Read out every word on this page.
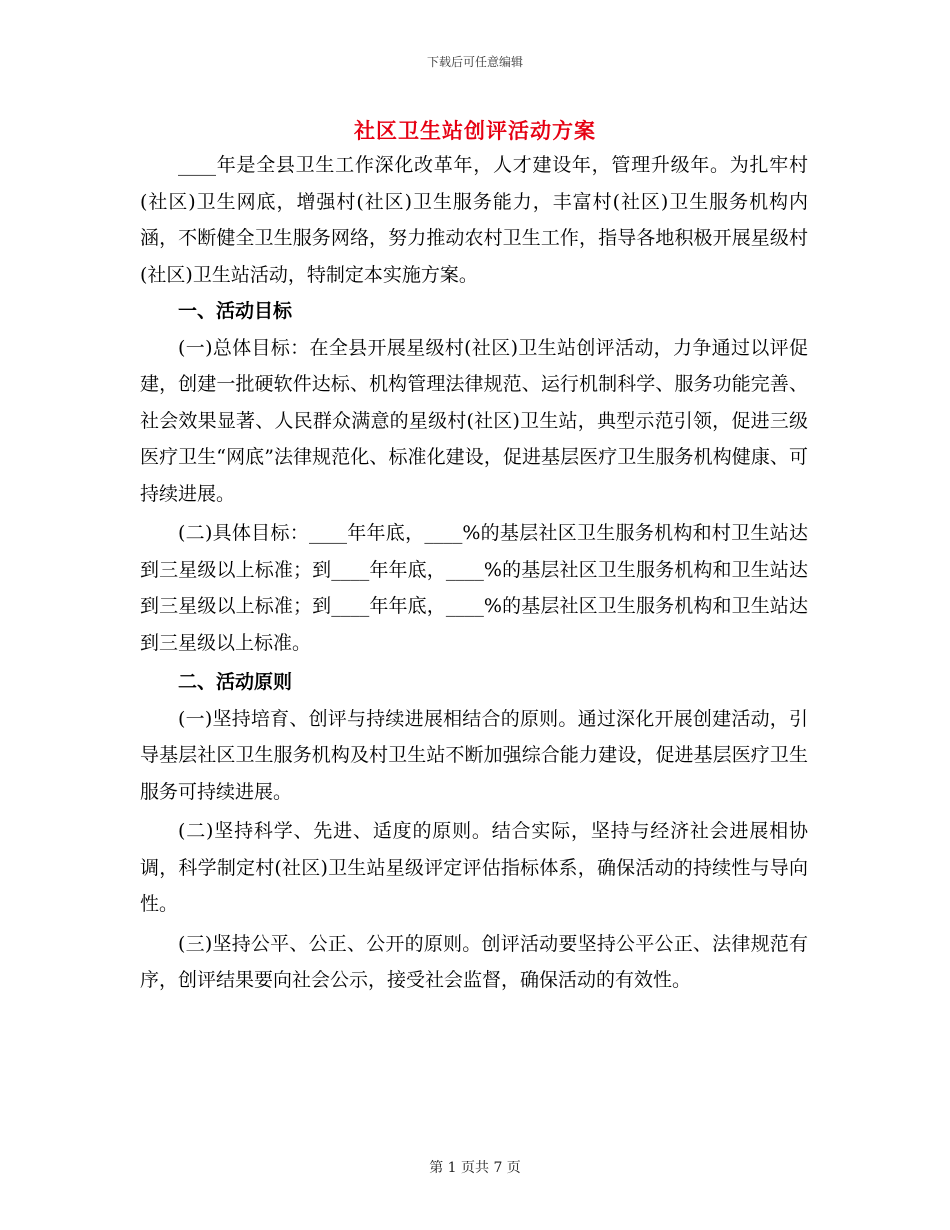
下载后可任意编辑
社区卫生站创评活动方案

____年是全县卫生工作深化改革年，人才建设年，管理升级年。为扎牢村(社区)卫生网底，增强村(社区)卫生服务能力，丰富村(社区)卫生服务机构内涵，不断健全卫生服务网络，努力推动农村卫生工作，指导各地积极开展星级村(社区)卫生站活动，特制定本实施方案。

一、活动目标

(一)总体目标：在全县开展星级村(社区)卫生站创评活动，力争通过以评促建，创建一批硬软件达标、机构管理法律规范、运行机制科学、服务功能完善、社会效果显著、人民群众满意的星级村(社区)卫生站，典型示范引领，促进三级医疗卫生“网底”法律规范化、标准化建设，促进基层医疗卫生服务机构健康、可持续进展。

(二)具体目标：____年年底，____%的基层社区卫生服务机构和村卫生站达到三星级以上标准；到____年年底，____%的基层社区卫生服务机构和卫生站达到三星级以上标准；到____年年底，____%的基层社区卫生服务机构和卫生站达到三星级以上标准。

二、活动原则

(一)坚持培育、创评与持续进展相结合的原则。通过深化开展创建活动，引导基层社区卫生服务机构及村卫生站不断加强综合能力建设，促进基层医疗卫生服务可持续进展。

(二)坚持科学、先进、适度的原则。结合实际，坚持与经济社会进展相协调，科学制定村(社区)卫生站星级评定评估指标体系，确保活动的持续性与导向性。

(三)坚持公平、公正、公开的原则。创评活动要坚持公平公正、法律规范有序，创评结果要向社会公示，接受社会监督，确保活动的有效性。

第 1 页共 7 页
